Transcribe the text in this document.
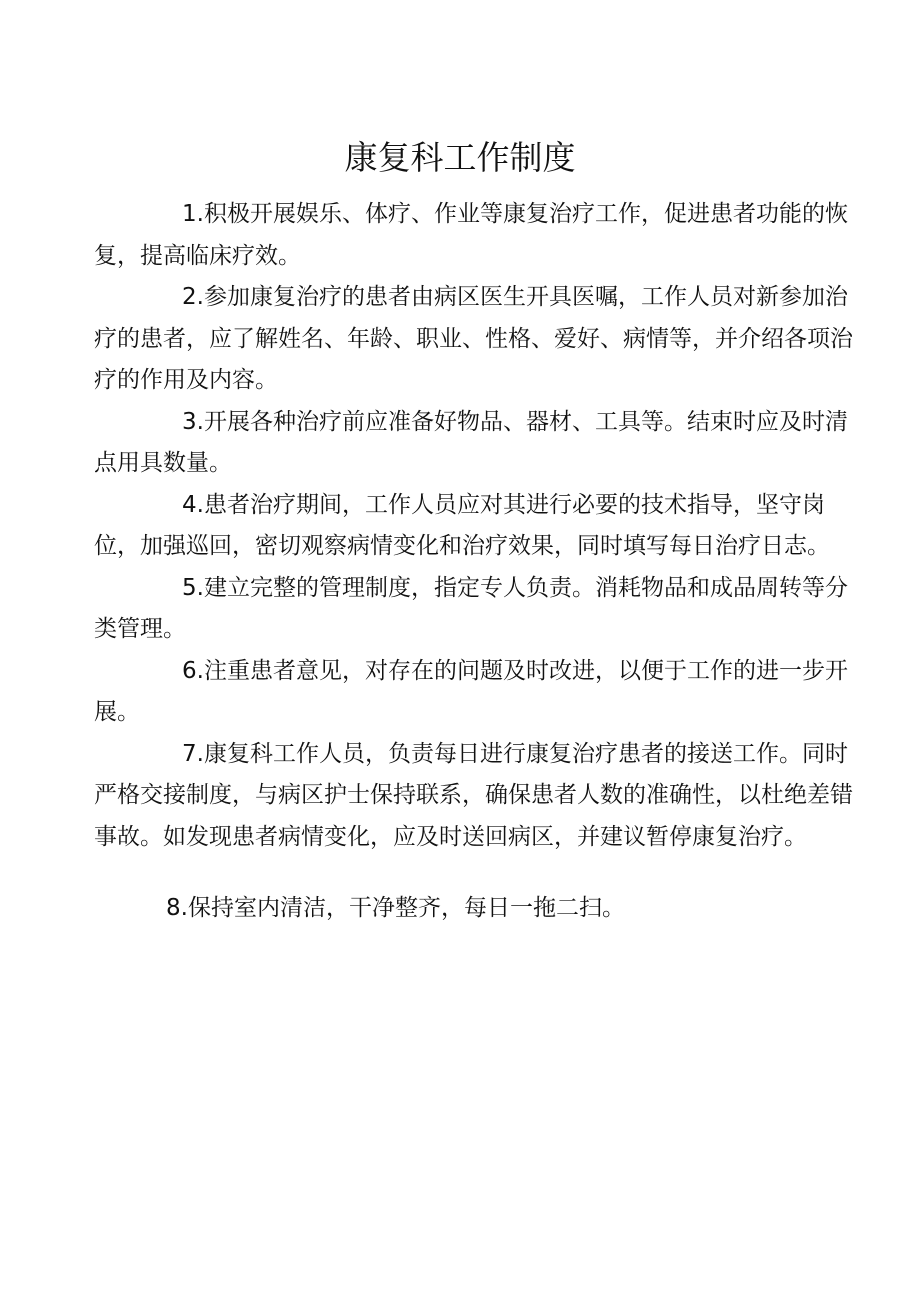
康复科工作制度

1.积极开展娱乐、体疗、作业等康复治疗工作，促进患者功能的恢复，提高临床疗效。

2.参加康复治疗的患者由病区医生开具医嘱，工作人员对新参加治疗的患者，应了解姓名、年龄、职业、性格、爱好、病情等，并介绍各项治疗的作用及内容。

3.开展各种治疗前应准备好物品、器材、工具等。结束时应及时清点用具数量。

4.患者治疗期间，工作人员应对其进行必要的技术指导，坚守岗位，加强巡回，密切观察病情变化和治疗效果，同时填写每日治疗日志。

5.建立完整的管理制度，指定专人负责。消耗物品和成品周转等分类管理。

6.注重患者意见，对存在的问题及时改进，以便于工作的进一步开展。

7.康复科工作人员，负责每日进行康复治疗患者的接送工作。同时严格交接制度，与病区护士保持联系，确保患者人数的准确性，以杜绝差错事故。如发现患者病情变化，应及时送回病区，并建议暂停康复治疗。

8.保持室内清洁，干净整齐，每日一拖二扫。
